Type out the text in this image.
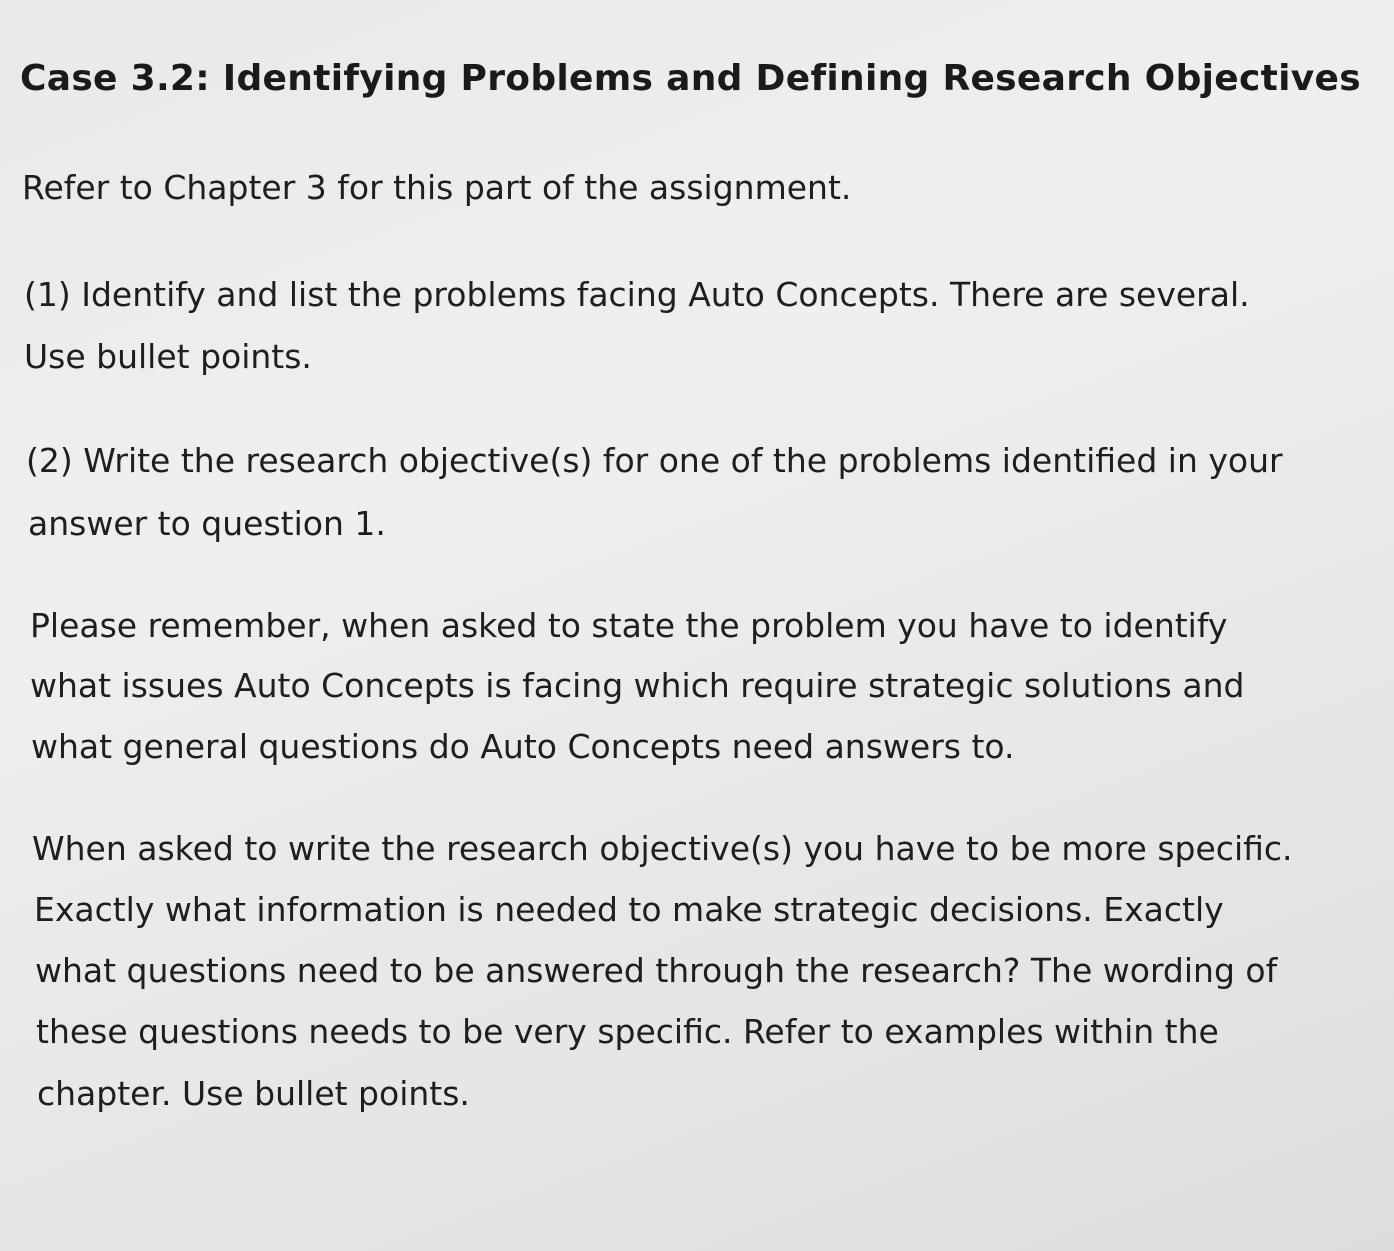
Case 3.2: Identifying Problems and Defining Research Objectives

Refer to Chapter 3 for this part of the assignment.

(1) Identify and list the problems facing Auto Concepts. There are several.

Use bullet points.

(2) Write the research objective(s) for one of the problems identified in your

answer to question 1.

Please remember, when asked to state the problem you have to identify

what issues Auto Concepts is facing which require strategic solutions and

what general questions do Auto Concepts need answers to.

When asked to write the research objective(s) you have to be more specific.

Exactly what information is needed to make strategic decisions. Exactly

what questions need to be answered through the research? The wording of

these questions needs to be very specific. Refer to examples within the

chapter. Use bullet points.
